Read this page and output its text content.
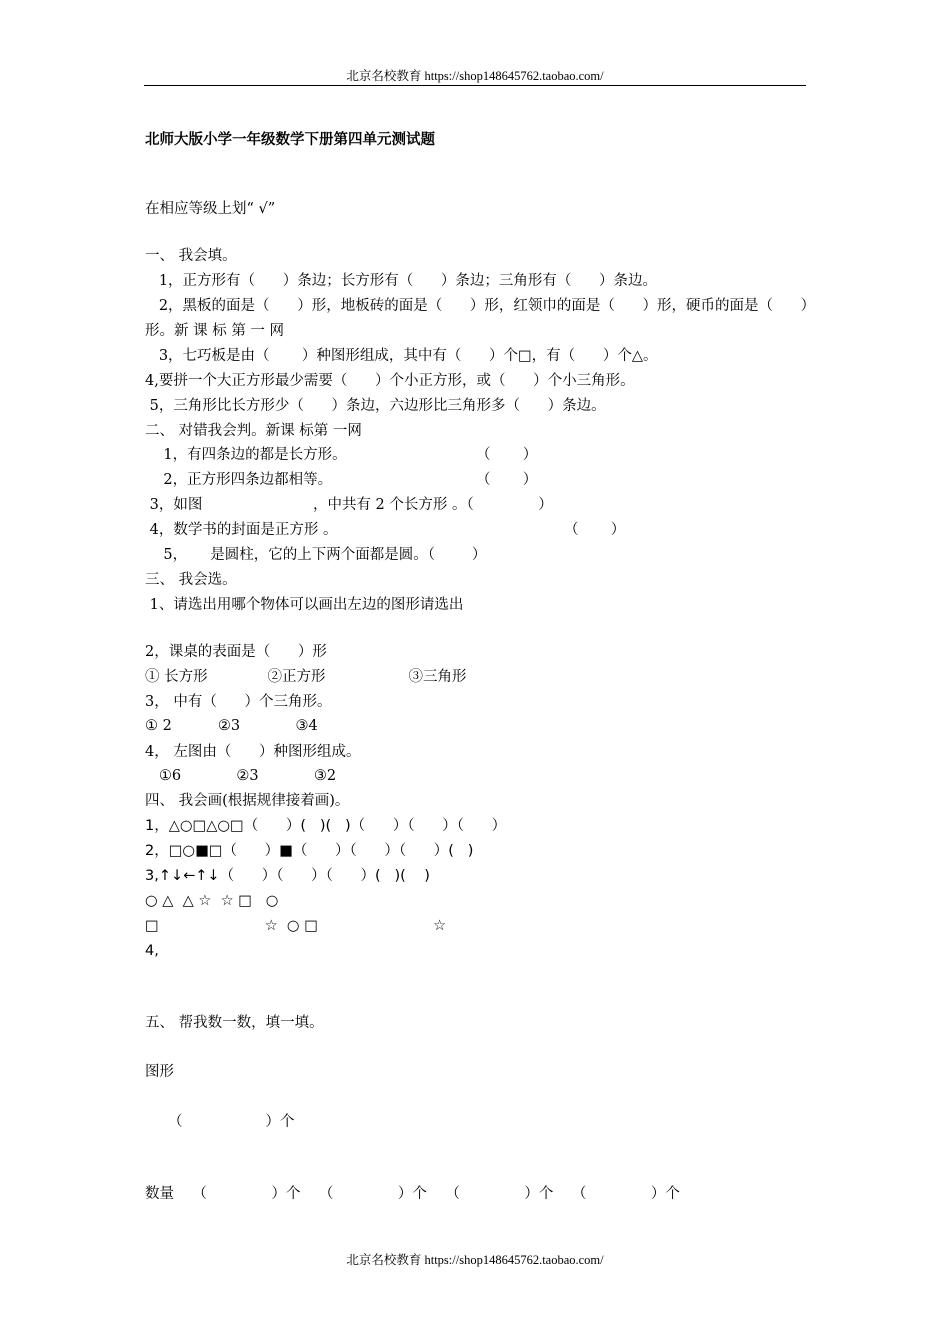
北京名校教育 https://shop148645762.taobao.com/
北师大版小学一年级数学下册第四单元测试题
在相应等级上划“ √”
一、 我会填。
1，正方形有（      ）条边；长方形有（      ）条边；三角形有（      ）条边。
2，黑板的面是（      ）形，地板砖的面是（      ）形，红领巾的面是（      ）形，硬币的面是（      ）
形。新 课 标 第 一 网
3，七巧板是由（       ）种图形组成，其中有（      ）个□，有（      ）个△。
4,要拼一个大正方形最少需要（      ）个小正方形，或（      ）个小三角形。
5，三角形比长方形少（      ）条边，六边形比三角形多（      ）条边。
二、 对错我会判。新课 标第 一网
1，有四条边的都是长方形。	（       ）
2，正方形四条边都相等。	（       ）
3，如图                        ，中共有 2 个长方形 。（              ）
4，数学书的封面是正方形 。	（       ）
5，     是圆柱，它的上下两个面都是圆。（        ）
三、 我会选。
1、请选出用哪个物体可以画出左边的图形请选出
2，课桌的表面是（      ）形
① 长方形             ②正方形                  ③三角形
3， 中有（      ）个三角形。
① 2          ②3            ③4
4， 左图由（      ）种图形组成。
①6            ②3            ③2
四、 我会画(根据规律接着画)。
1，△○□△○□（      ）(   )(   )（      ）（      ）（      ）
2，□○■□（      ）■（      ）（      ）（      ）(   )
3,↑↓←↑↓（      ）（      ）（      ）(   )(    )
○ △  △ ☆  ☆ □   ○
□                       ☆  ○ □                         ☆
4,
五、 帮我数一数，填一填。
图形
（                  ）个
数量    （              ）个    （              ）个    （              ）个    （              ）个
北京名校教育 https://shop148645762.taobao.com/
